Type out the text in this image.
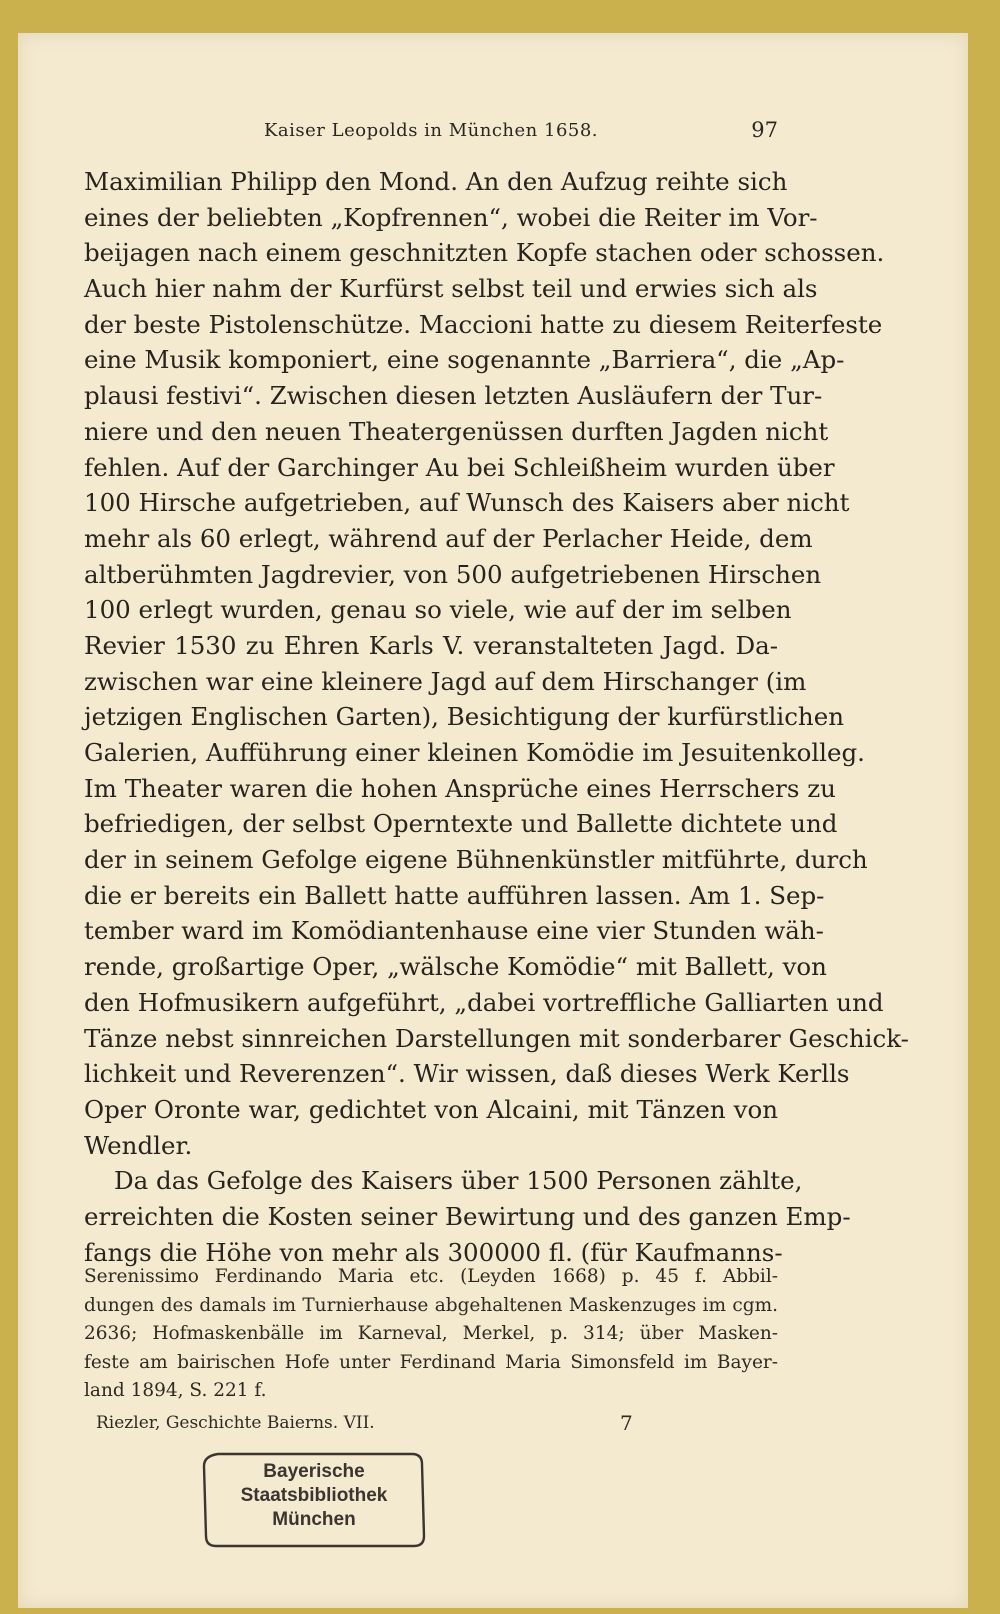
Kaiser Leopolds in München 1658.	97
Maximilian Philipp den Mond. An den Aufzug reihte sich
eines der beliebten „Kopfrennen“, wobei die Reiter im Vor-
beijagen nach einem geschnitzten Kopfe stachen oder schossen.
Auch hier nahm der Kurfürst selbst teil und erwies sich als
der beste Pistolenschütze. Maccioni hatte zu diesem Reiterfeste
eine Musik komponiert, eine sogenannte „Barriera“, die „Ap-
plausi festivi“. Zwischen diesen letzten Ausläufern der Tur-
niere und den neuen Theatergenüssen durften Jagden nicht
fehlen. Auf der Garchinger Au bei Schleißheim wurden über
100 Hirsche aufgetrieben, auf Wunsch des Kaisers aber nicht
mehr als 60 erlegt, während auf der Perlacher Heide, dem
altberühmten Jagdrevier, von 500 aufgetriebenen Hirschen
100 erlegt wurden, genau so viele, wie auf der im selben
Revier 1530 zu Ehren Karls V. veranstalteten Jagd. Da-
zwischen war eine kleinere Jagd auf dem Hirschanger (im
jetzigen Englischen Garten), Besichtigung der kurfürstlichen
Galerien, Aufführung einer kleinen Komödie im Jesuitenkolleg.
Im Theater waren die hohen Ansprüche eines Herrschers zu
befriedigen, der selbst Operntexte und Ballette dichtete und
der in seinem Gefolge eigene Bühnenkünstler mitführte, durch
die er bereits ein Ballett hatte aufführen lassen. Am 1. Sep-
tember ward im Komödiantenhause eine vier Stunden wäh-
rende, großartige Oper, „wälsche Komödie“ mit Ballett, von
den Hofmusikern aufgeführt, „dabei vortreffliche Galliarten und
Tänze nebst sinnreichen Darstellungen mit sonderbarer Geschick-
lichkeit und Reverenzen“. Wir wissen, daß dieses Werk Kerlls
Oper Oronte war, gedichtet von Alcaini, mit Tänzen von
Wendler.
Da das Gefolge des Kaisers über 1500 Personen zählte,
erreichten die Kosten seiner Bewirtung und des ganzen Emp-
fangs die Höhe von mehr als 300000 fl. (für Kaufmanns-
Serenissimo Ferdinando Maria etc. (Leyden 1668) p. 45 f. Abbil-
dungen des damals im Turnierhause abgehaltenen Maskenzuges im cgm.
2636; Hofmaskenbälle im Karneval, Merkel, p. 314; über Masken-
feste am bairischen Hofe unter Ferdinand Maria Simonsfeld im Bayer-
land 1894, S. 221 f.
Riezler, Geschichte Baierns. VII.	7
Bayerische
Staatsbibliothek
München
